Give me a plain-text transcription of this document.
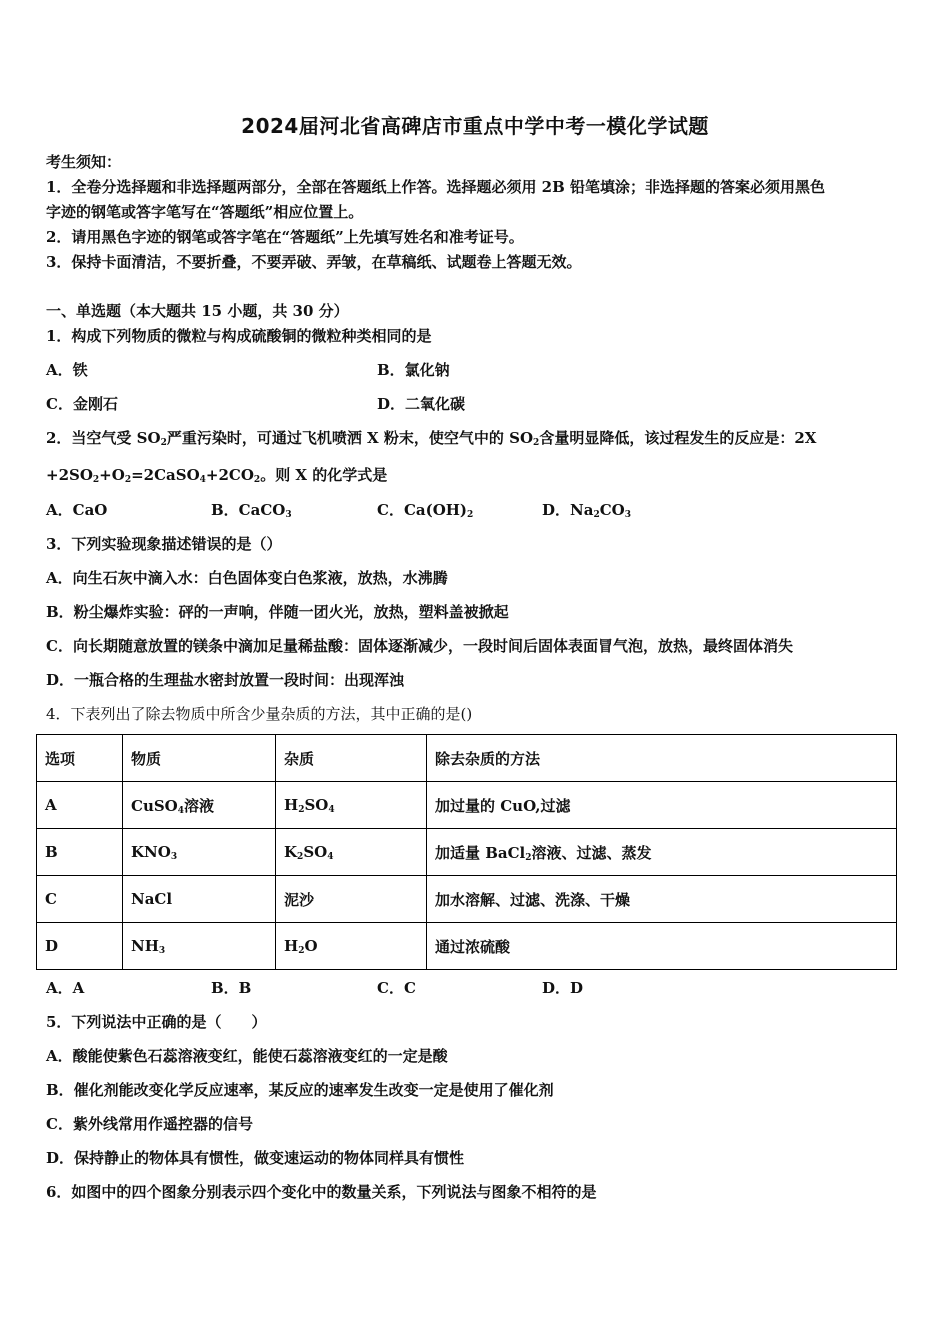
2024届河北省高碑店市重点中学中考一模化学试题
考生须知：
1．全卷分选择题和非选择题两部分，全部在答题纸上作答。选择题必须用 2B 铅笔填涂；非选择题的答案必须用黑色
字迹的钢笔或答字笔写在“答题纸”相应位置上。
2．请用黑色字迹的钢笔或答字笔在“答题纸”上先填写姓名和准考证号。
3．保持卡面清洁，不要折叠，不要弄破、弄皱，在草稿纸、试题卷上答题无效。
一、单选题（本大题共 15 小题，共 30 分）
1．构成下列物质的微粒与构成硫酸铜的微粒种类相同的是
A．铁	B．氯化钠
C．金刚石	D．二氧化碳
2．当空气受 $SO_2$严重污染时，可通过飞机喷洒 X 粉末，使空气中的 $SO_2$含量明显降低，该过程发生的反应是：2X
$+2SO_2+O_2=2CaSO_4+2CO_2$。则 X 的化学式是
A．CaO	B．CaCO$_3$	C．$Ca(OH)_2$	D．$Na_2CO_3$
3．下列实验现象描述错误的是（）
A．向生石灰中滴入水：白色固体变白色浆液，放热，水沸腾
B．粉尘爆炸实验：砰的一声响，伴随一团火光，放热，塑料盖被掀起
C．向长期随意放置的镁条中滴加足量稀盐酸：固体逐渐减少，一段时间后固体表面冒气泡，放热，最终固体消失
D．一瓶合格的生理盐水密封放置一段时间：出现浑浊
4．下表列出了除去物质中所含少量杂质的方法，其中正确的是()
选项	物质	杂质	除去杂质的方法
A	CuSO$_4$溶液	$H_2SO_4$	加过量的 CuO,过滤
B	$KNO_3$	$K_2SO_4$	加适量 BaCl$_2$溶液、过滤、蒸发
C	NaCl	泥沙	加水溶解、过滤、洗涤、干燥
D	$NH_3$	$H_2O$	通过浓硫酸
A．A	B．B	C．C	D．D
5．下列说法中正确的是（　　）
A．酸能使紫色石蕊溶液变红，能使石蕊溶液变红的一定是酸
B．催化剂能改变化学反应速率，某反应的速率发生改变一定是使用了催化剂
C．紫外线常用作遥控器的信号
D．保持静止的物体具有惯性，做变速运动的物体同样具有惯性
6．如图中的四个图象分别表示四个变化中的数量关系，下列说法与图象不相符的是
